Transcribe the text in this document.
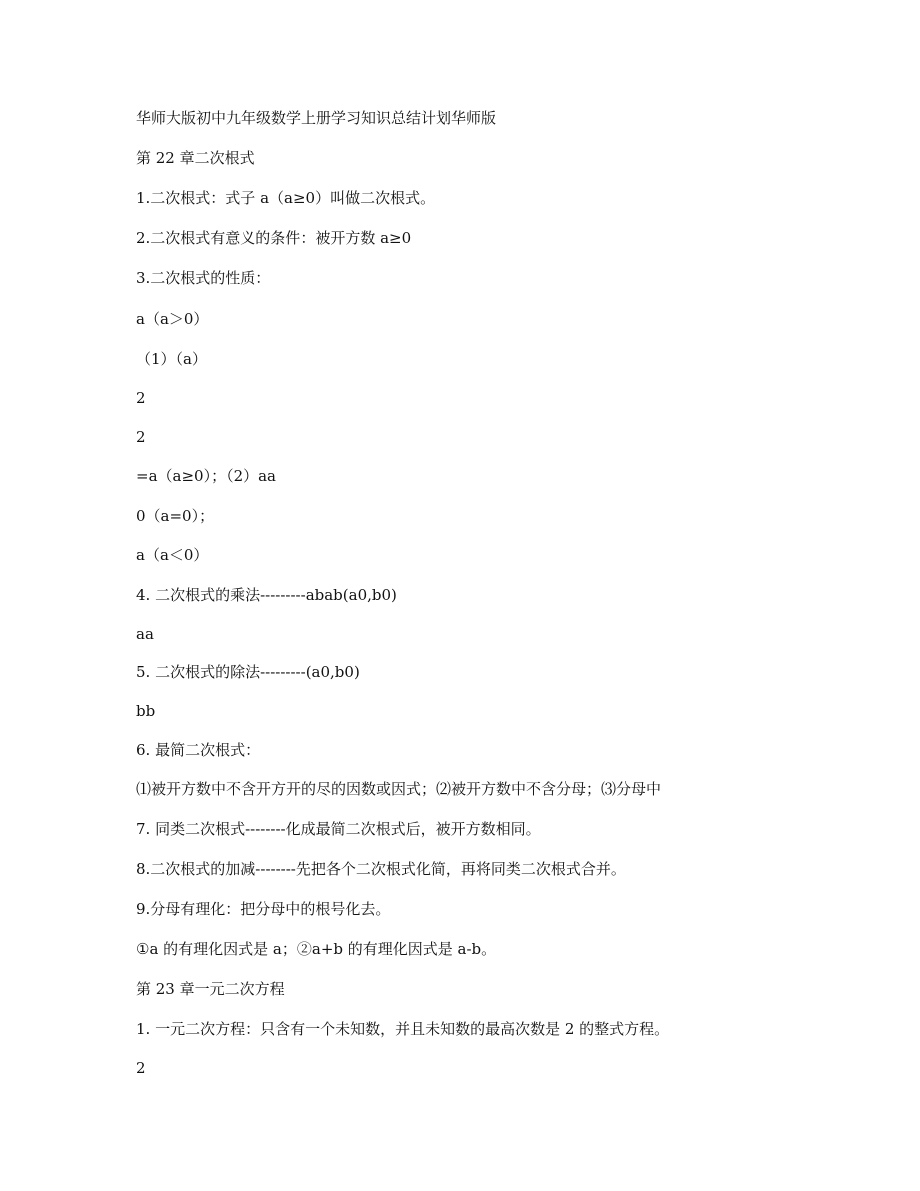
华师大版初中九年级数学上册学习知识总结计划华师版
第 22 章二次根式
1.二次根式：式子 a（a≥0）叫做二次根式。
2.二次根式有意义的条件：被开方数 a≥0
3.二次根式的性质：
a（a＞0）
（1）（a）
2
2
=a（a≥0）；（2）aa
0（a=0）；
a（a＜0）
4. 二次根式的乘法---------abab(a0,b0)
aa
5. 二次根式的除法---------(a0,b0)
bb
6. 最简二次根式：
⑴被开方数中不含开方开的尽的因数或因式；⑵被开方数中不含分母；⑶分母中
7. 同类二次根式--------化成最简二次根式后，被开方数相同。
8.二次根式的加减--------先把各个二次根式化简，再将同类二次根式合并。
9.分母有理化：把分母中的根号化去。
①a 的有理化因式是 a；②a+b 的有理化因式是 a-b。
第 23 章一元二次方程
1. 一元二次方程：只含有一个未知数，并且未知数的最高次数是 2 的整式方程。
2
